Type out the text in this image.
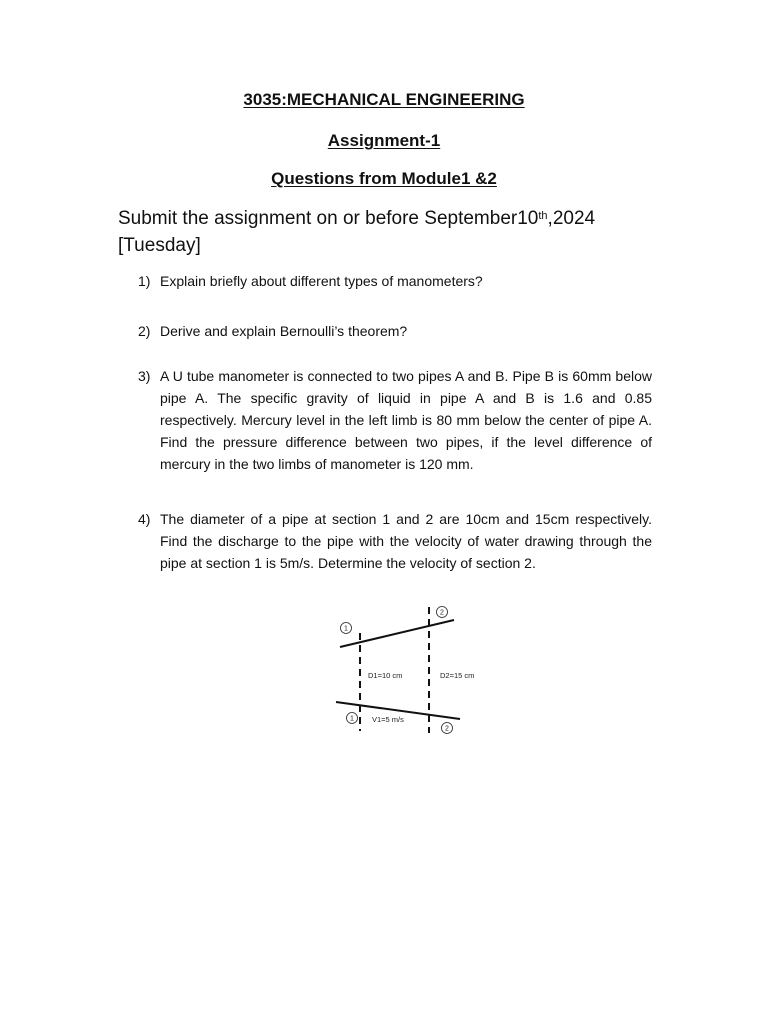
3035:MECHANICAL ENGINEERING
Assignment-1
Questions from Module1 &2
Submit the assignment on or before September10th,2024
[Tuesday]
1) Explain briefly about different types of manometers?
2) Derive and explain Bernoulli’s theorem?
3) A U tube manometer is connected to two pipes A and B. Pipe B is 60mm below pipe A. The specific gravity of liquid in pipe A and B is 1.6 and 0.85 respectively. Mercury level in the left limb is 80 mm below the center of pipe A. Find the pressure difference between two pipes, if the level difference of mercury in the two limbs of manometer is 120 mm.
4) The diameter of a pipe at section 1 and 2 are 10cm and 15cm respectively. Find the discharge to the pipe with the velocity of water drawing through the pipe at section 1 is 5m/s. Determine the velocity of section 2.
1
2
1
2
D1=10 cm	D2=15 cm
V1=5 m/s
